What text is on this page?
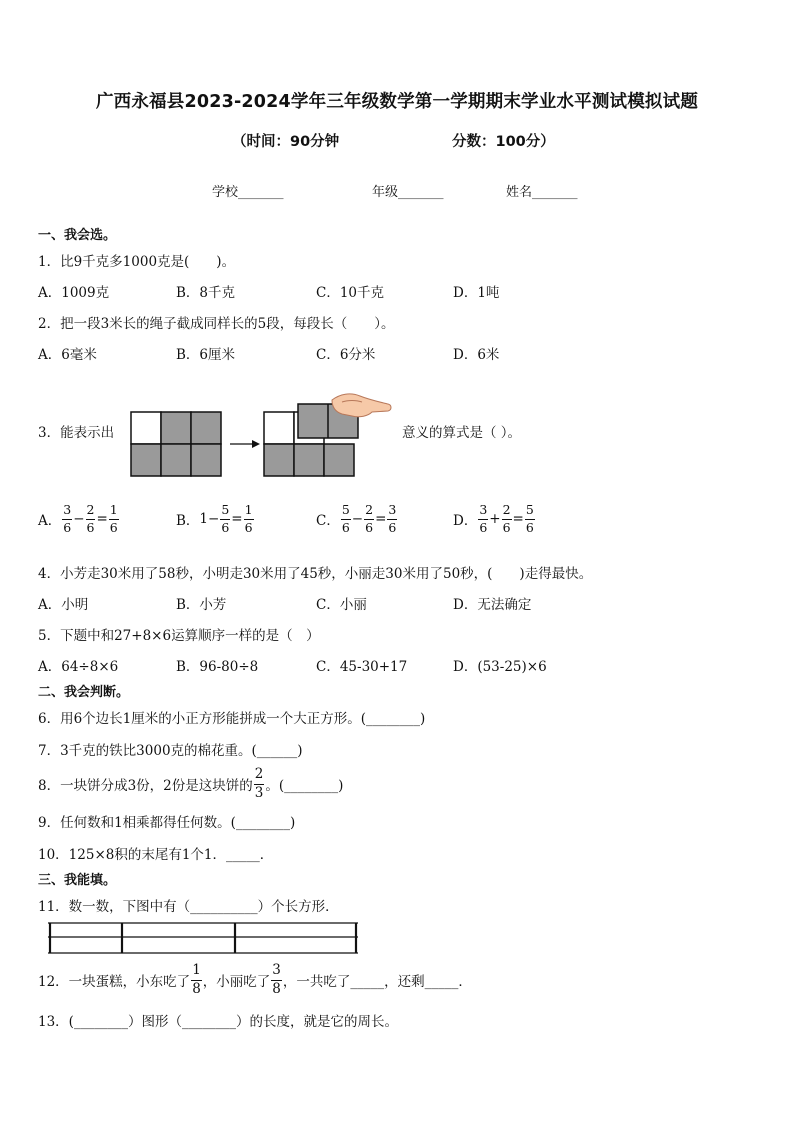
广西永福县2023-2024学年三年级数学第一学期期末学业水平测试模拟试题
（时间：90分钟	分数：100分）
学校_______	年级_______	姓名_______
一、我会选。
1．比9千克多1000克是(　　)。
A．1009克	B．8千克	C．10千克	D．1吨
2．把一段3米长的绳子截成同样长的5段，每段长（　　）。
A．6毫米	B．6厘米	C．6分米	D．6米
3．能表示出	意义的算式是（ ）。
A． $\frac{3}{6} - \frac{2}{6} = \frac{1}{6}$	B． $1- \frac{5}{6} = \frac{1}{6}$	C． $\frac{5}{6} - \frac{2}{6} = \frac{3}{6}$	D． $\frac{3}{6} + \frac{2}{6} = \frac{5}{6}$
4．小芳走30米用了58秒，小明走30米用了45秒，小丽走30米用了50秒，(　　)走得最快。
A．小明	B．小芳	C．小丽	D．无法确定
5．下题中和27+8×6运算顺序一样的是（　）
A．64÷8×6	B．96-80÷8	C．45-30+17	D．(53-25)×6
二、我会判断。
6．用6个边长1厘米的小正方形能拼成一个大正方形。(________)
7．3千克的铁比3000克的棉花重。(______)
8．一块饼分成3份，2份是这块饼的 $\frac{2}{3}$ 。(________)
9．任何数和1相乘都得任何数。(________)
10．125×8积的末尾有1个1．_____．
三、我能填。
11．数一数，下图中有（__________）个长方形．
12．一块蛋糕，小东吃了 $\frac{1}{8}$ ，小丽吃了 $\frac{3}{8}$ ，一共吃了_____，还剩_____．
13．(________）图形（________）的长度，就是它的周长。
